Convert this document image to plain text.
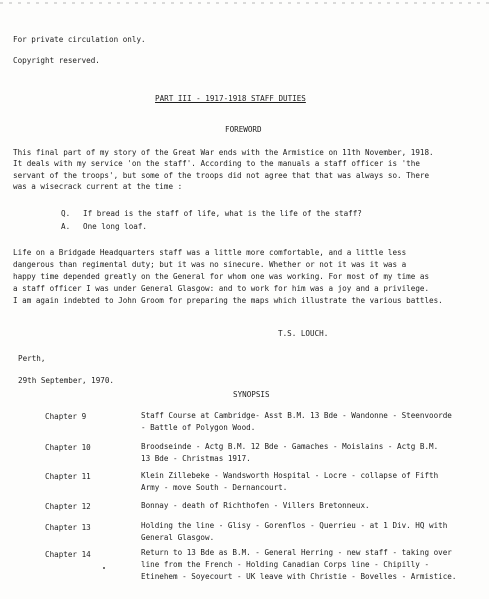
For private circulation only.
Copyright reserved.
PART III - 1917-1918 STAFF DUTIES
FOREWORD
This final part of my story of the Great War ends with the Armistice on 11th November, 1918.
It deals with my service 'on the staff'. According to the manuals a staff officer is 'the
servant of the troops', but some of the troops did not agree that that was always so. There
was a wisecrack current at the time :
Q. If bread is the staff of life, what is the life of the staff?
A. One long loaf.
Life on a Bridgade Headquarters staff was a little more comfortable, and a little less
dangerous than regimental duty; but it was no sinecure. Whether or not it was it was a
happy time depended greatly on the General for whom one was working. For most of my time as
a staff officer I was under General Glasgow: and to work for him was a joy and a privilege.
I am again indebted to John Groom for preparing the maps which illustrate the various battles.
T.S. LOUCH.
Perth,
29th September, 1970.
SYNOPSIS
Chapter 9	Staff Course at Cambridge- Asst B.M. 13 Bde - Wandonne - Steenvoorde
- Battle of Polygon Wood.
Chapter 10	Broodseinde - Actg B.M. 12 Bde - Gamaches - Moislains - Actg B.M.
13 Bde - Christmas 1917.
Chapter 11	Klein Zillebeke - Wandsworth Hospital - Locre - collapse of Fifth
Army - move South - Dernancourt.
Chapter 12	Bonnay - death of Richthofen - Villers Bretonneux.
Chapter 13	Holding the line - Glisy - Gorenflos - Querrieu - at 1 Div. HQ with
General Glasgow.
Chapter 14	Return to 13 Bde as B.M. - General Herring - new staff - taking over
line from the French - Holding Canadian Corps line - Chipilly -
Etinehem - Soyecourt - UK leave with Christie - Bovelles - Armistice.
